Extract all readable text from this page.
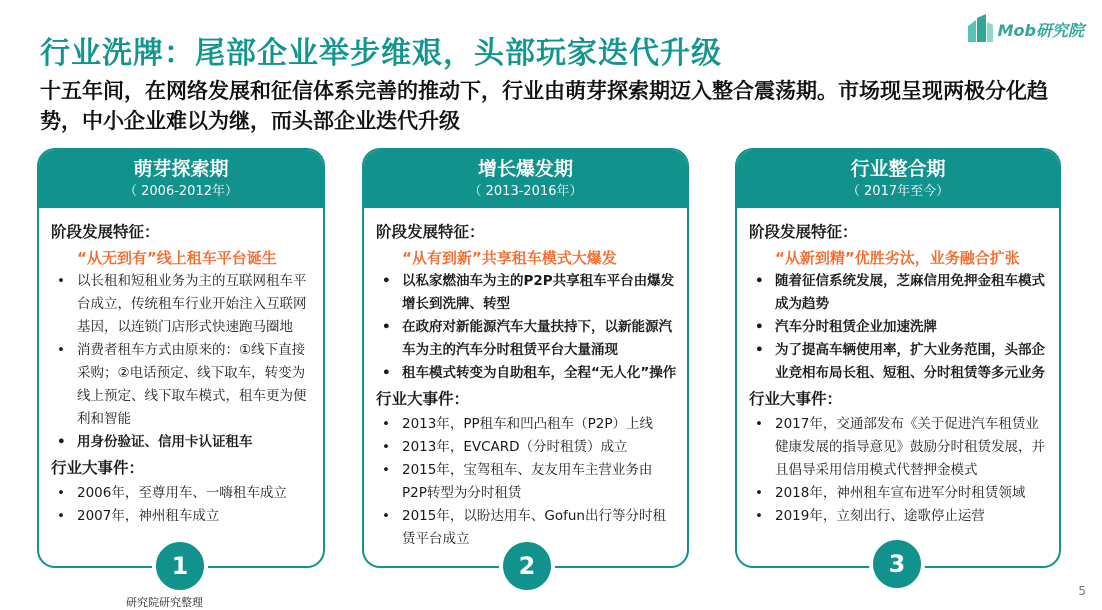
行业洗牌：尾部企业举步维艰，头部玩家迭代升级
Mob研究院
十五年间，在网络发展和征信体系完善的推动下，行业由萌芽探索期迈入整合震荡期。市场现呈现两极分化趋势，中小企业难以为继，而头部企业迭代升级
萌芽探索期
（ 2006-2012年）
阶段发展特征：
“从无到有”线上租车平台诞生
• 以长租和短租业务为主的互联网租车平台成立，传统租车行业开始注入互联网基因，以连锁门店形式快速跑马圈地
• 消费者租车方式由原来的：①线下直接采购；②电话预定、线下取车，转变为线上预定、线下取车模式，租车更为便利和智能
• 用身份验证、信用卡认证租车
行业大事件：
• 2006年，至尊用车、一嗨租车成立
• 2007年，神州租车成立
增长爆发期
（ 2013-2016年）
阶段发展特征：
“从有到新”共享租车模式大爆发
• 以私家燃油车为主的P2P共享租车平台由爆发增长到洗牌、转型
• 在政府对新能源汽车大量扶持下，以新能源汽车为主的汽车分时租赁平台大量涌现
• 租车模式转变为自助租车，全程“无人化”操作
行业大事件：
• 2013年，PP租车和凹凸租车（P2P）上线
• 2013年，EVCARD（分时租赁）成立
• 2015年，宝驾租车、友友用车主营业务由P2P转型为分时租赁
• 2015年，以盼达用车、Gofun出行等分时租赁平台成立
行业整合期
（ 2017年至今）
阶段发展特征：
“从新到精”优胜劣汰，业务融合扩张
• 随着征信系统发展，芝麻信用免押金租车模式成为趋势
• 汽车分时租赁企业加速洗牌
• 为了提高车辆使用率，扩大业务范围，头部企业竞相布局长租、短租、分时租赁等多元业务
行业大事件：
• 2017年，交通部发布《关于促进汽车租赁业健康发展的指导意见》鼓励分时租赁发展，并且倡导采用信用模式代替押金模式
• 2018年，神州租车宣布进军分时租赁领域
• 2019年，立刻出行、途歌停止运营
1	2	3
研究院研究整理
5
